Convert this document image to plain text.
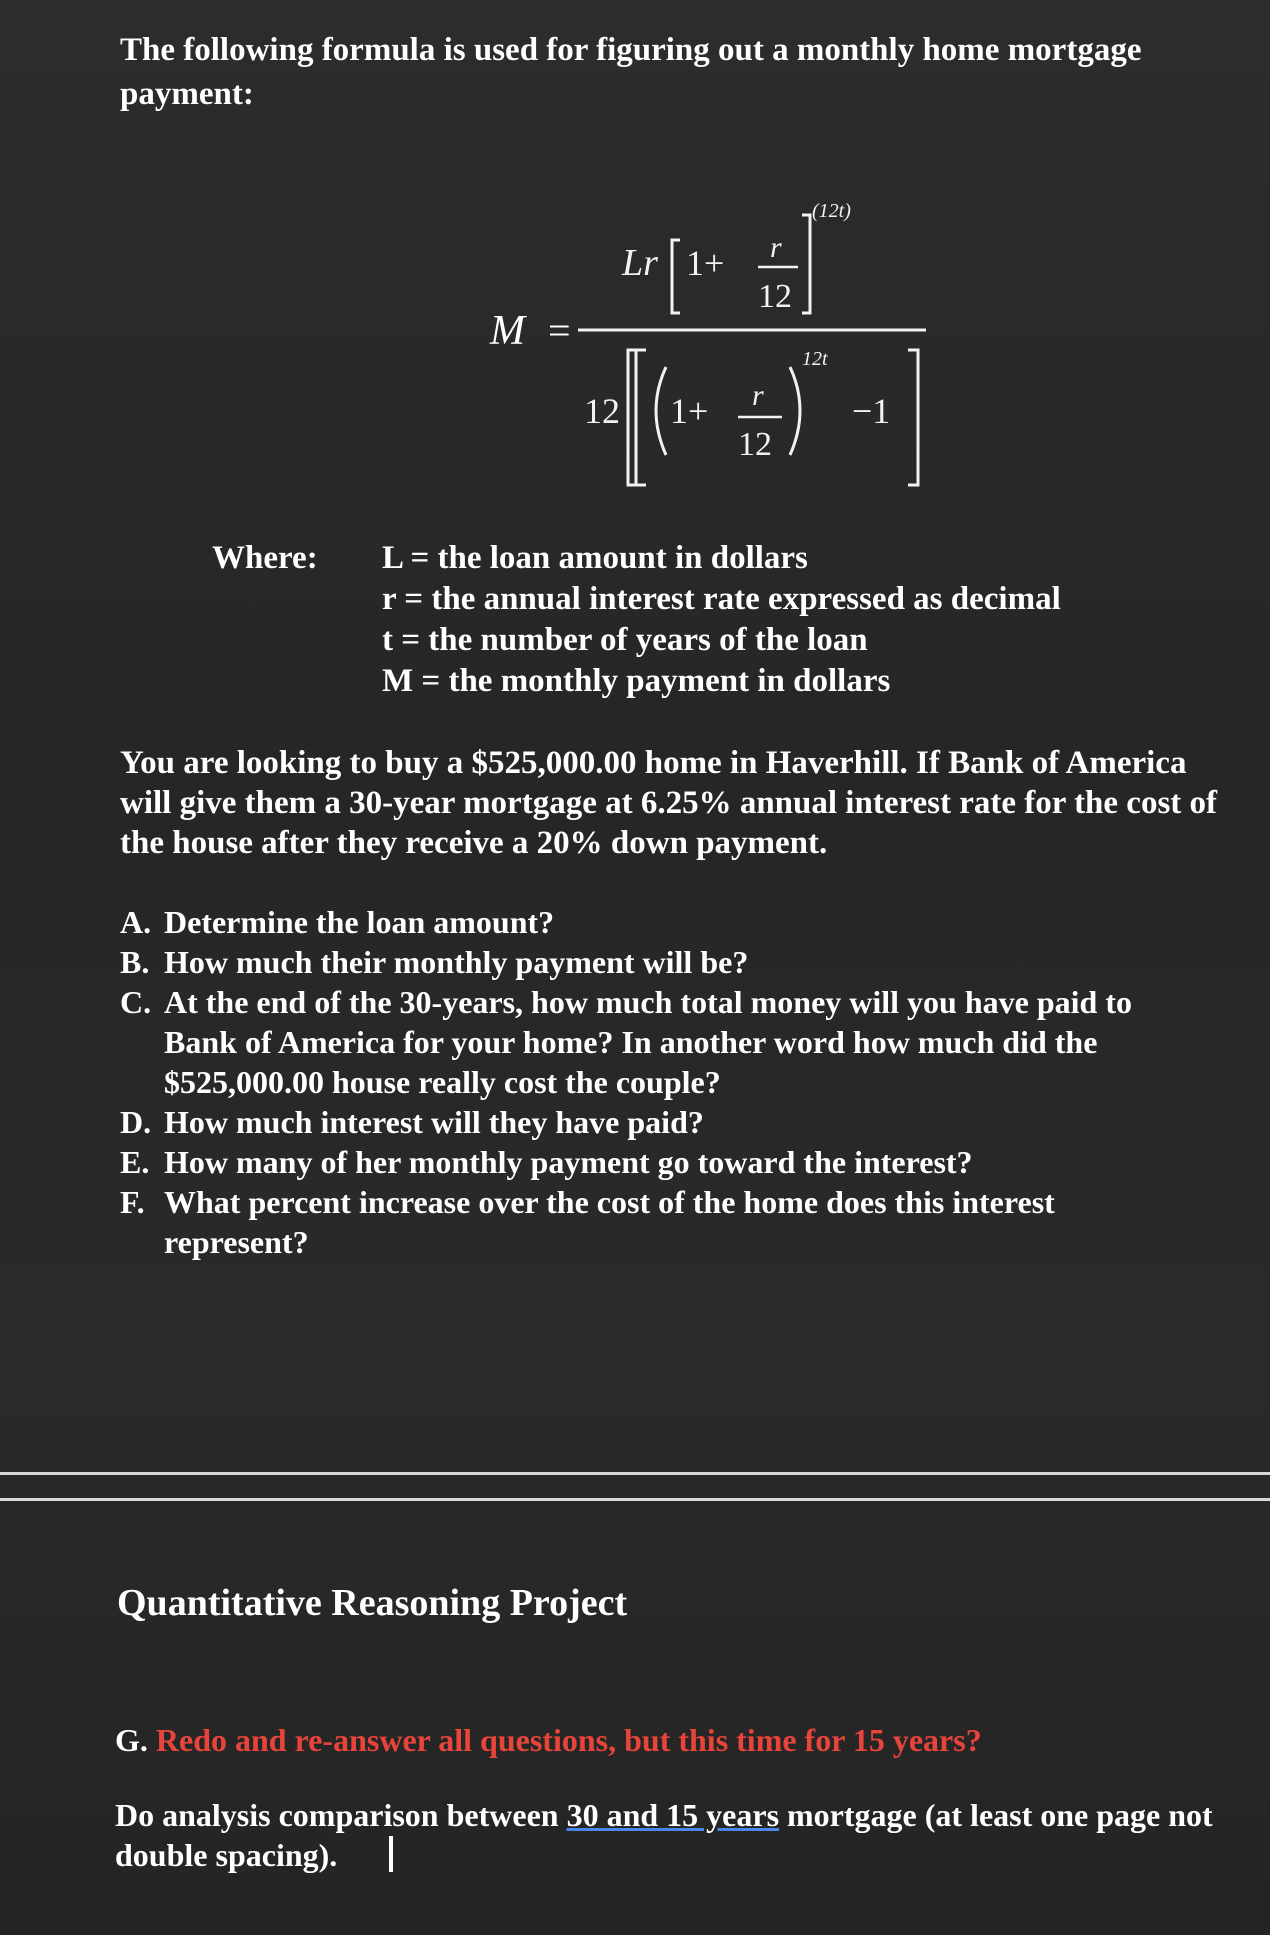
The following formula is used for figuring out a monthly home mortgage payment:
M =
Lr 1+ r
12
(12t)
12 1+ r
12
12t
−1
Where: L = the loan amount in dollars
r = the annual interest rate expressed as decimal
t = the number of years of the loan
M = the monthly payment in dollars
You are looking to buy a $525,000.00 home in Haverhill. If Bank of America will give them a 30-year mortgage at 6.25% annual interest rate for the cost of the house after they receive a 20% down payment.
A. Determine the loan amount?
B. How much their monthly payment will be?
C. At the end of the 30-years, how much total money will you have paid to Bank of America for your home? In another word how much did the $525,000.00 house really cost the couple?
D. How much interest will they have paid?
E. How many of her monthly payment go toward the interest?
F. What percent increase over the cost of the home does this interest represent?
Quantitative Reasoning Project
G. Redo and re-answer all questions, but this time for 15 years?
Do analysis comparison between 30 and 15 years mortgage (at least one page not double spacing).
